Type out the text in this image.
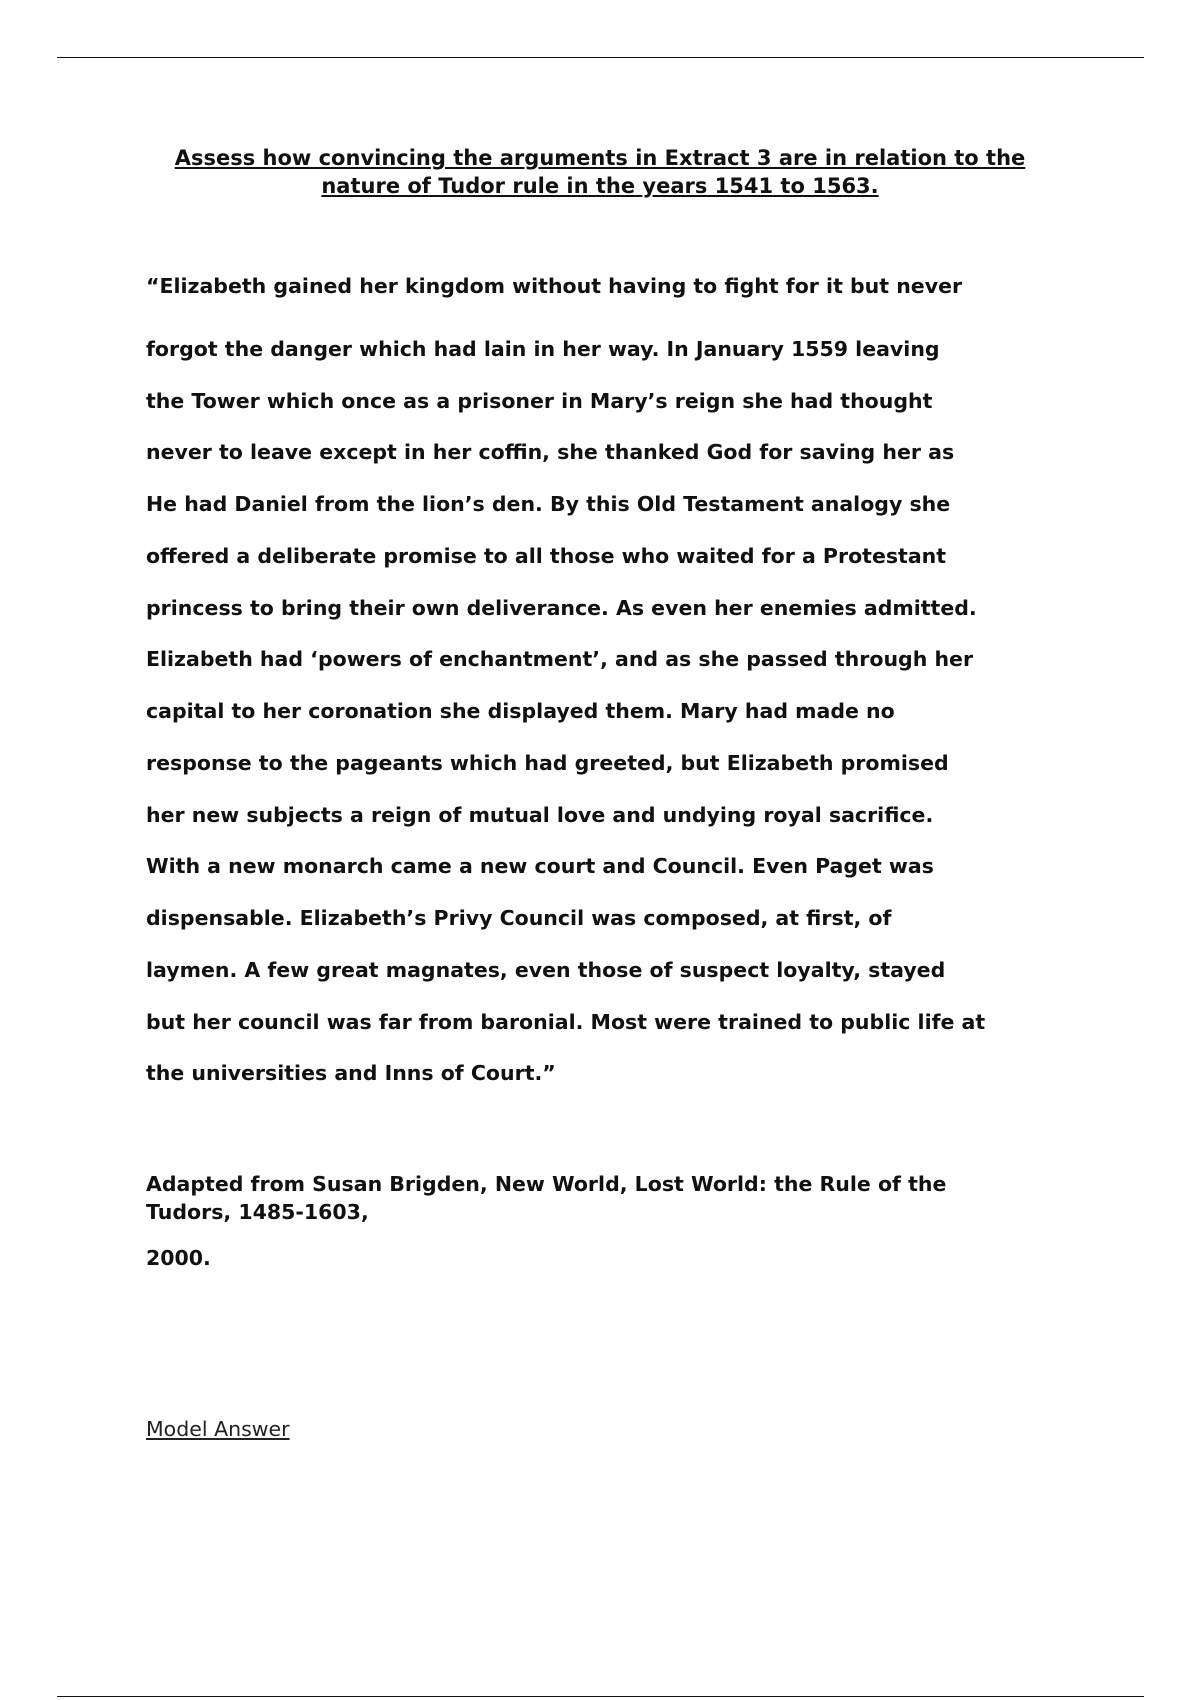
Assess how convincing the arguments in Extract 3 are in relation to the
nature of Tudor rule in the years 1541 to 1563.
“Elizabeth gained her kingdom without having to fight for it but never
forgot the danger which had lain in her way. In January 1559 leaving
the Tower which once as a prisoner in Mary’s reign she had thought
never to leave except in her coffin, she thanked God for saving her as
He had Daniel from the lion’s den. By this Old Testament analogy she
offered a deliberate promise to all those who waited for a Protestant
princess to bring their own deliverance. As even her enemies admitted.
Elizabeth had ‘powers of enchantment’, and as she passed through her
capital to her coronation she displayed them. Mary had made no
response to the pageants which had greeted, but Elizabeth promised
her new subjects a reign of mutual love and undying royal sacrifice.
With a new monarch came a new court and Council. Even Paget was
dispensable. Elizabeth’s Privy Council was composed, at first, of
laymen. A few great magnates, even those of suspect loyalty, stayed
but her council was far from baronial. Most were trained to public life at
the universities and Inns of Court.”
Adapted from Susan Brigden, New World, Lost World: the Rule of the
Tudors, 1485-1603,
2000.
Model Answer
